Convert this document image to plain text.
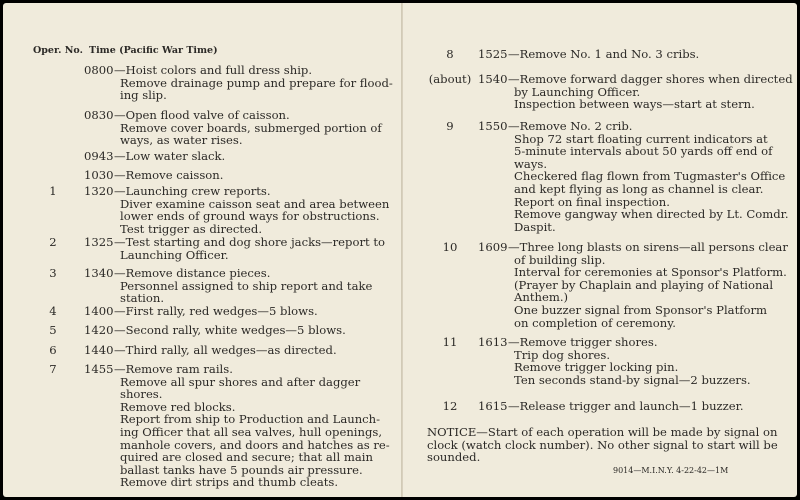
Oper. No. Time (Pacific War Time)
0800 —Hoist colors and full dress ship.
Remove drainage pump and prepare for flood-
ing slip.
0830 —Open flood valve of caisson.
Remove cover boards, submerged portion of
ways, as water rises.
0943 —Low water slack.
1030 —Remove caisson.
1	1320 —Launching crew reports.
Diver examine caisson seat and area between
lower ends of ground ways for obstructions.
Test trigger as directed.
2	1325 —Test starting and dog shore jacks—report to
Launching Officer.
3	1340 —Remove distance pieces.
Personnel assigned to ship report and take
station.
4	1400 —First rally, red wedges—5 blows.
5	1420 —Second rally, white wedges—5 blows.
6	1440 —Third rally, all wedges—as directed.
7	1455 —Remove ram rails.
Remove all spur shores and after dagger
shores.
Remove red blocks.
Report from ship to Production and Launch-
ing Officer that all sea valves, hull openings,
manhole covers, and doors and hatches as re-
quired are closed and secure; that all main
ballast tanks have 5 pounds air pressure.
Remove dirt strips and thumb cleats.
8	1525 —Remove No. 1 and No. 3 cribs.
(about) 1540 —Remove forward dagger shores when directed
by Launching Officer.
Inspection between ways—start at stern.
9	1550 —Remove No. 2 crib.
Shop 72 start floating current indicators at
5-minute intervals about 50 yards off end of
ways.
Checkered flag flown from Tugmaster's Office
and kept flying as long as channel is clear.
Report on final inspection.
Remove gangway when directed by Lt. Comdr.
Daspit.
10	1609 —Three long blasts on sirens—all persons clear
of building slip.
Interval for ceremonies at Sponsor's Platform.
(Prayer by Chaplain and playing of National
Anthem.)
One buzzer signal from Sponsor's Platform
on completion of ceremony.
11	1613 —Remove trigger shores.
Trip dog shores.
Remove trigger locking pin.
Ten seconds stand-by signal—2 buzzers.
12	1615 —Release trigger and launch—1 buzzer.
NOTICE—Start of each operation will be made by signal on
clock (watch clock number). No other signal to start will be
sounded.
9014—M.I.N.Y. 4-22-42—1M
